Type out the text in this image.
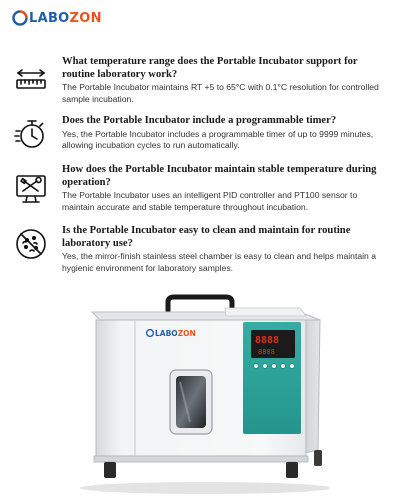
LABOZON

What temperature range does the Portable Incubator support for routine laboratory work?

The Portable Incubator maintains RT +5 to 65°C with 0.1°C resolution for controlled sample incubation.

Does the Portable Incubator include a programmable timer?

Yes, the Portable Incubator includes a programmable timer of up to 9999 minutes, allowing incubation cycles to run automatically.

How does the Portable Incubator maintain stable temperature during operation?

The Portable Incubator uses an intelligent PID controller and PT100 sensor to maintain accurate and stable temperature throughout incubation.

Is the Portable Incubator easy to clean and maintain for routine laboratory use?

Yes, the mirror-finish stainless steel chamber is easy to clean and helps maintain a hygienic environment for laboratory samples.

LABOZON
8888
8888
